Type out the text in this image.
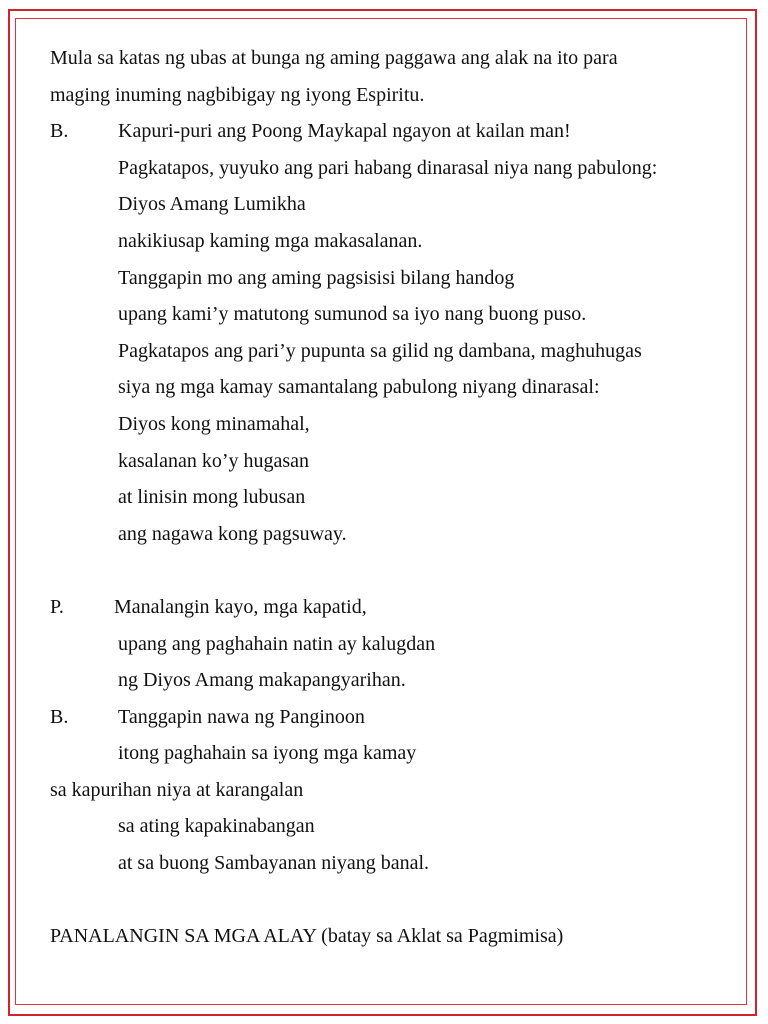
Mula sa katas ng ubas at bunga ng aming paggawa ang alak na ito para
maging inuming nagbibigay ng iyong Espiritu.
B. Kapuri-puri ang Poong Maykapal ngayon at kailan man!
Pagkatapos, yuyuko ang pari habang dinarasal niya nang pabulong:
Diyos Amang Lumikha
nakikiusap kaming mga makasalanan.
Tanggapin mo ang aming pagsisisi bilang handog
upang kami’y matutong sumunod sa iyo nang buong puso.
Pagkatapos ang pari’y pupunta sa gilid ng dambana, maghuhugas
siya ng mga kamay samantalang pabulong niyang dinarasal:
Diyos kong minamahal,
kasalanan ko’y hugasan
at linisin mong lubusan
ang nagawa kong pagsuway.
P.	Manalangin kayo, mga kapatid,
upang ang paghahain natin ay kalugdan
ng Diyos Amang makapangyarihan.
B. Tanggapin nawa ng Panginoon
itong paghahain sa iyong mga kamay
sa kapurihan niya at karangalan
sa ating kapakinabangan
at sa buong Sambayanan niyang banal.
PANALANGIN SA MGA ALAY (batay sa Aklat sa Pagmimisa)
